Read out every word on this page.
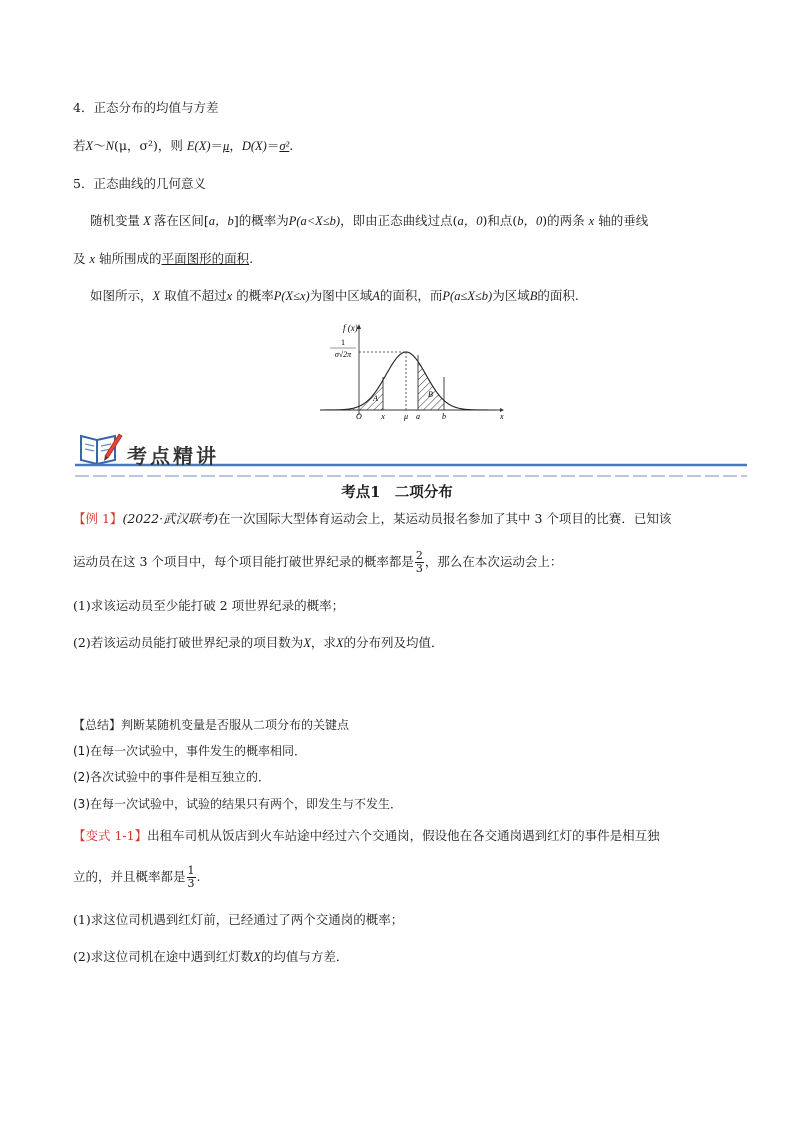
4．正态分布的均值与方差
若X～N(μ，σ²)，则 E(X)＝μ，D(X)＝σ².
5．正态曲线的几何意义
随机变量 X 落在区间[a，b]的概率为P(a<X≤b)，即由正态曲线过点(a，0)和点(b，0)的两条 x 轴的垂线
及 x 轴所围成的平面图形的面积.
如图所示，X 取值不超过x 的概率P(X≤x)为图中区域A的面积，而P(a≤X≤b)为区域B的面积.
f (x)
1
σ√2π
O x μ a	b	x
A	B
考点精讲
考点1　二项分布
【例 1】(2022·武汉联考)在一次国际大型体育运动会上，某运动员报名参加了其中 3 个项目的比赛．已知该
运动员在这 3 个项目中，每个项目能打破世界纪录的概率都是 $\frac{2}{3}$ ，那么在本次运动会上：
(1)求该运动员至少能打破 2 项世界纪录的概率；
(2)若该运动员能打破世界纪录的项目数为X，求X的分布列及均值．
【总结】判断某随机变量是否服从二项分布的关键点
(1)在每一次试验中，事件发生的概率相同．
(2)各次试验中的事件是相互独立的．
(3)在每一次试验中，试验的结果只有两个，即发生与不发生．
【变式 1-1】出租车司机从饭店到火车站途中经过六个交通岗，假设他在各交通岗遇到红灯的事件是相互独
立的，并且概率都是 $\frac{1}{3}$ .
(1)求这位司机遇到红灯前，已经通过了两个交通岗的概率；
(2)求这位司机在途中遇到红灯数X的均值与方差．
